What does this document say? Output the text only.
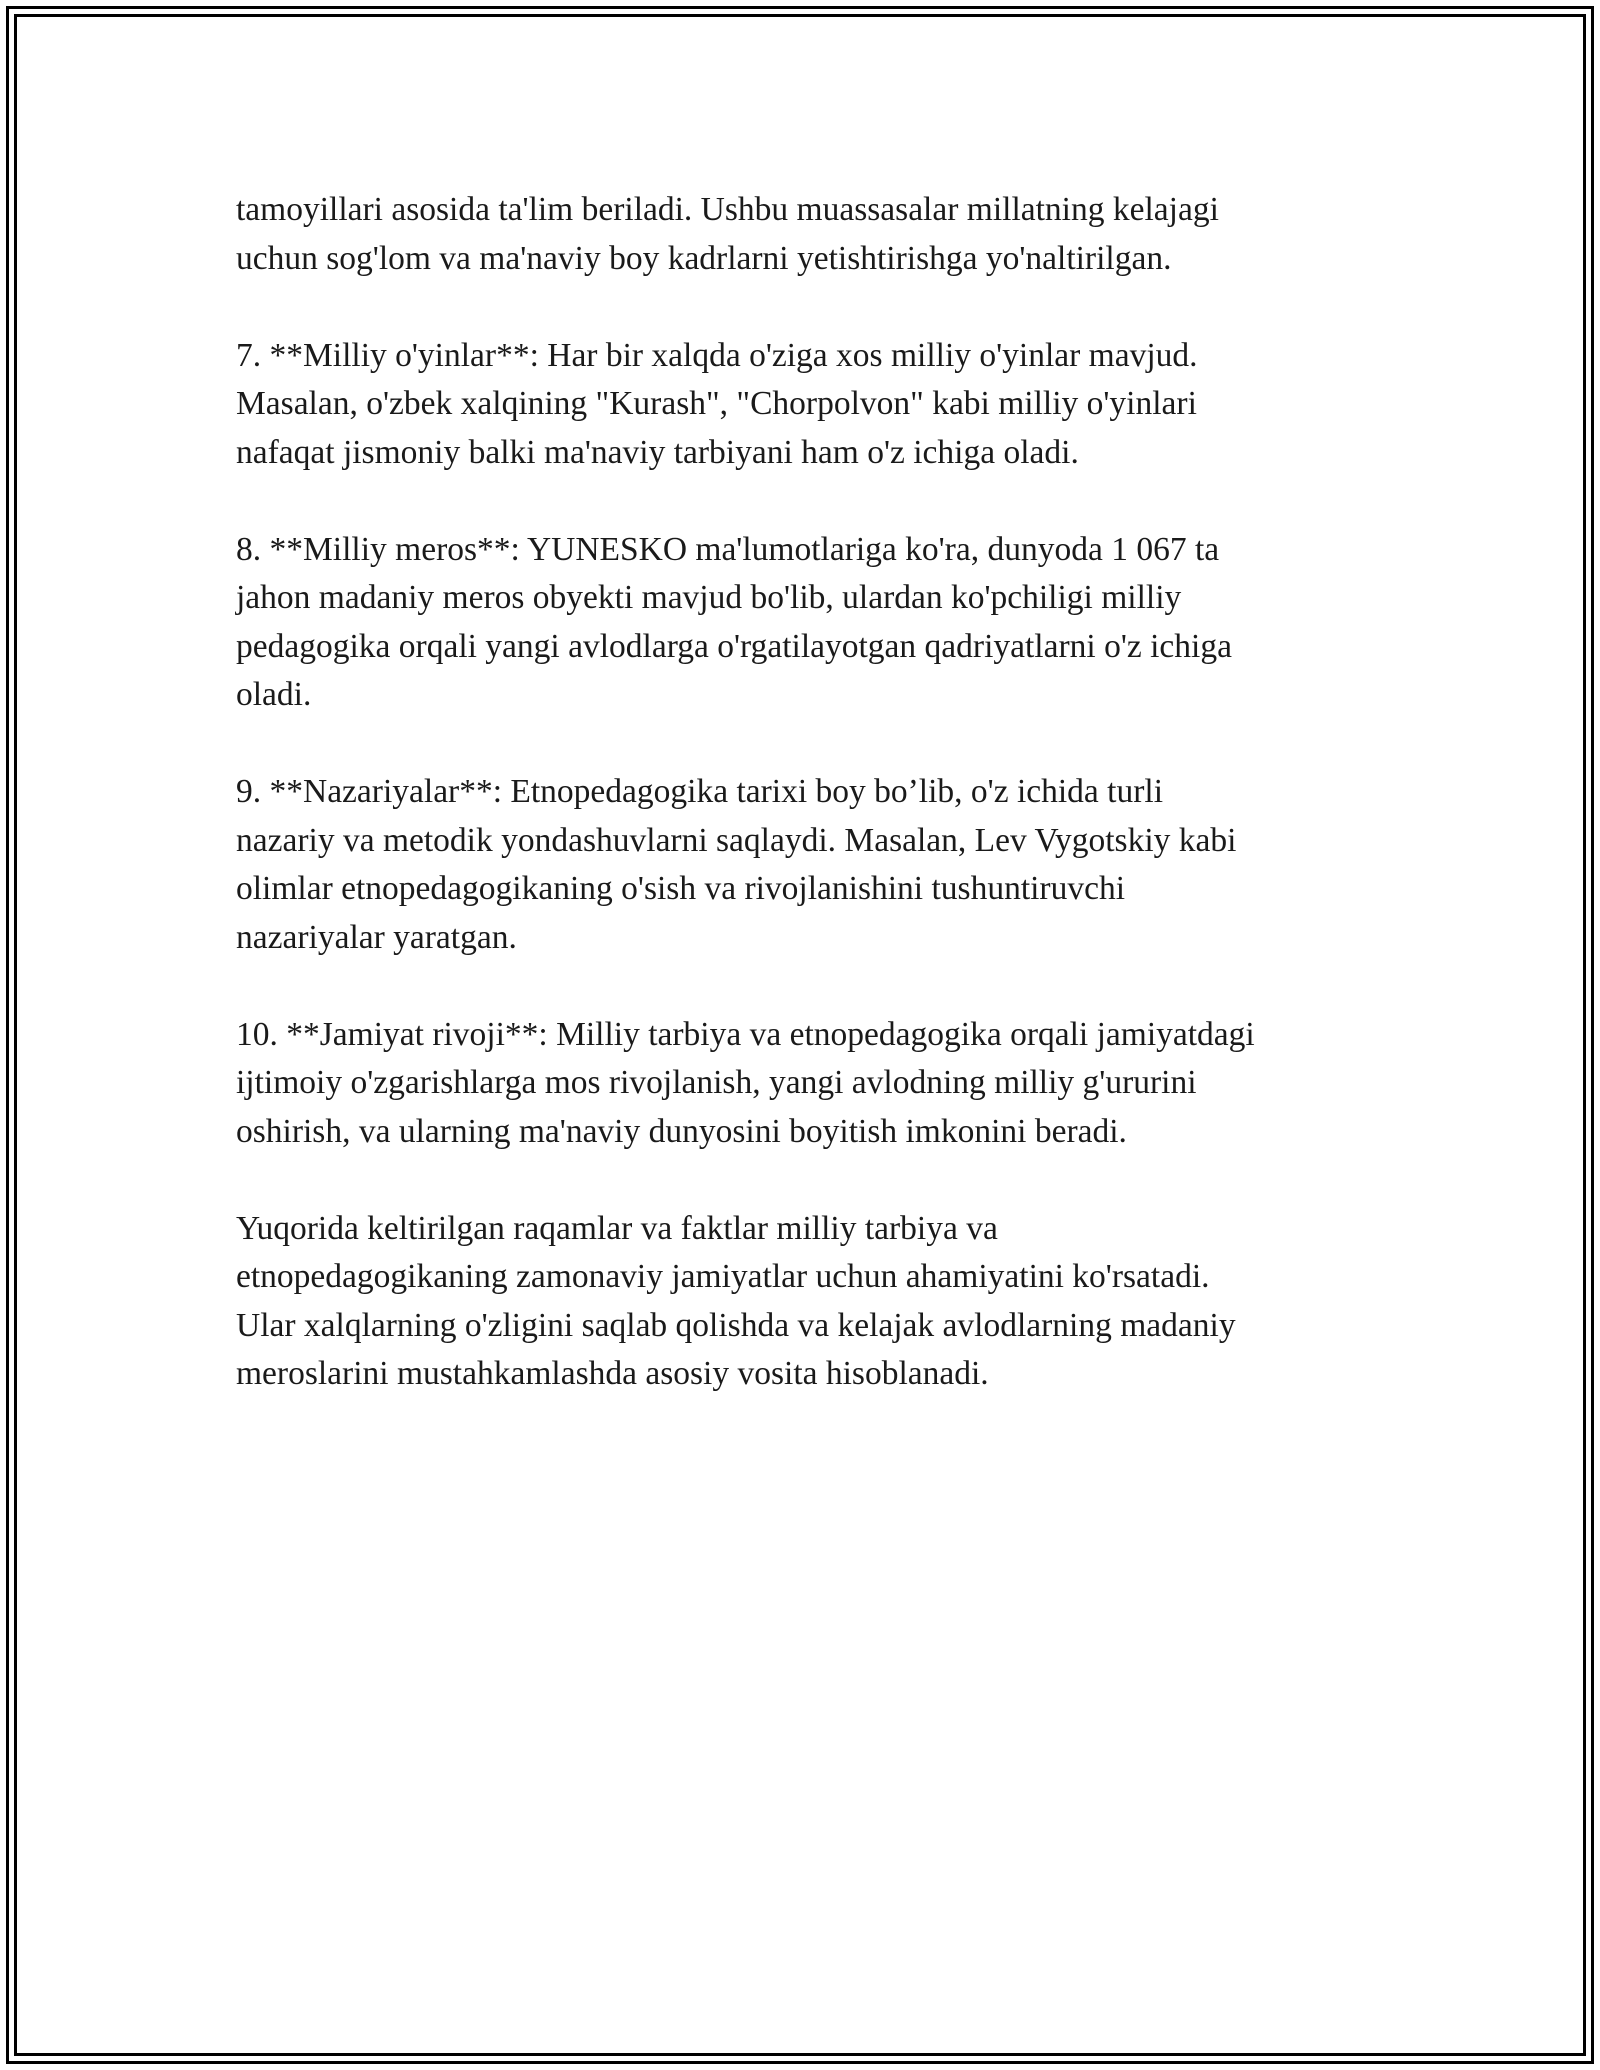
tamoyillari asosida ta'lim beriladi. Ushbu muassasalar millatning kelajagi
uchun sog'lom va ma'naviy boy kadrlarni yetishtirishga yo'naltirilgan.

7. **Milliy o'yinlar**: Har bir xalqda o'ziga xos milliy o'yinlar mavjud.
Masalan, o'zbek xalqining "Kurash", "Chorpolvon" kabi milliy o'yinlari
nafaqat jismoniy balki ma'naviy tarbiyani ham o'z ichiga oladi.

8. **Milliy meros**: YUNESKO ma'lumotlariga ko'ra, dunyoda 1 067 ta
jahon madaniy meros obyekti mavjud bo'lib, ulardan ko'pchiligi milliy
pedagogika orqali yangi avlodlarga o'rgatilayotgan qadriyatlarni o'z ichiga
oladi.

9. **Nazariyalar**: Etnopedagogika tarixi boy bo’lib, o'z ichida turli
nazariy va metodik yondashuvlarni saqlaydi. Masalan, Lev Vygotskiy kabi
olimlar etnopedagogikaning o'sish va rivojlanishini tushuntiruvchi
nazariyalar yaratgan.

10. **Jamiyat rivoji**: Milliy tarbiya va etnopedagogika orqali jamiyatdagi
ijtimoiy o'zgarishlarga mos rivojlanish, yangi avlodning milliy g'ururini
oshirish, va ularning ma'naviy dunyosini boyitish imkonini beradi.

Yuqorida keltirilgan raqamlar va faktlar milliy tarbiya va
etnopedagogikaning zamonaviy jamiyatlar uchun ahamiyatini ko'rsatadi.
Ular xalqlarning o'zligini saqlab qolishda va kelajak avlodlarning madaniy
meroslarini mustahkamlashda asosiy vosita hisoblanadi.
